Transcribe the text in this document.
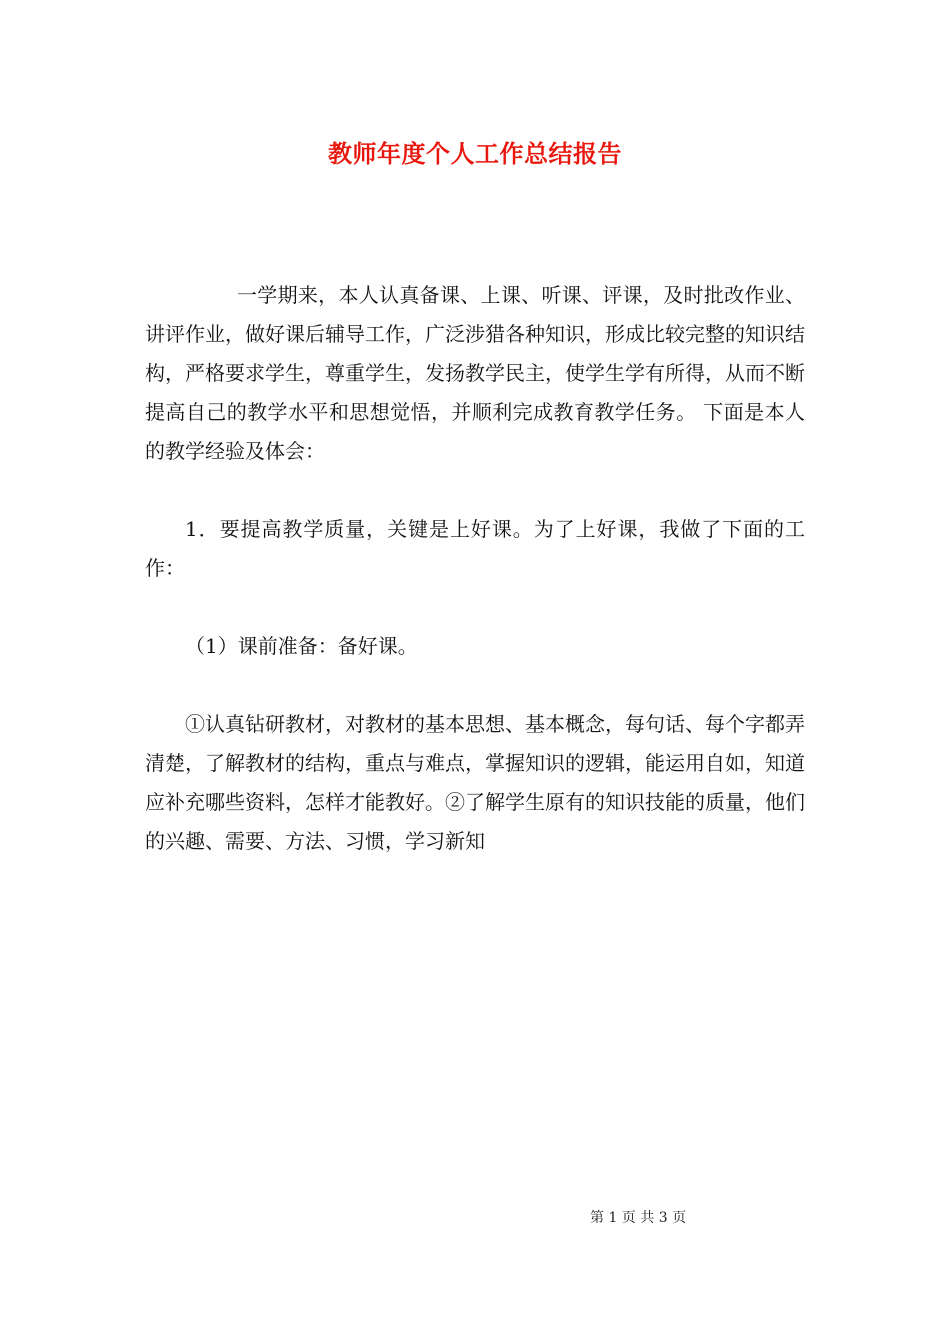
教师年度个人工作总结报告

一学期来，本人认真备课、上课、听课、评课，及时批改作业、讲评作业，做好课后辅导工作，广泛涉猎各种知识，形成比较完整的知识结构，严格要求学生，尊重学生，发扬教学民主，使学生学有所得，从而不断提高自己的教学水平和思想觉悟，并顺利完成教育教学任务。 下面是本人的教学经验及体会：

1．要提高教学质量，关键是上好课。为了上好课，我做了下面的工作：

（1）课前准备：备好课。

①认真钻研教材，对教材的基本思想、基本概念，每句话、每个字都弄清楚，了解教材的结构，重点与难点，掌握知识的逻辑，能运用自如，知道应补充哪些资料，怎样才能教好。②了解学生原有的知识技能的质量，他们的兴趣、需要、方法、习惯，学习新知

第 1 页 共 3 页
